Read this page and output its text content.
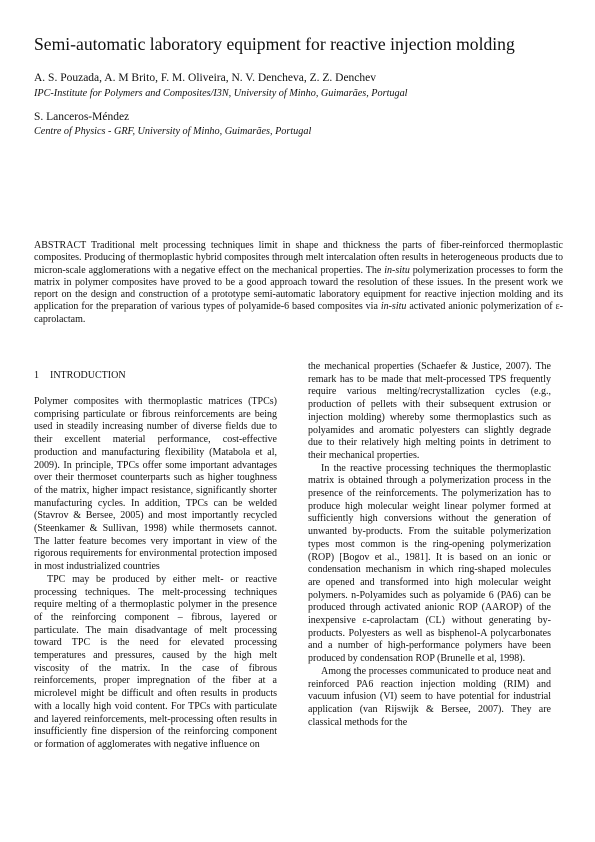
Semi-automatic laboratory equipment for reactive injection molding
A. S. Pouzada, A. M Brito, F. M. Oliveira, N. V. Dencheva, Z. Z. Denchev
IPC-Institute for Polymers and Composites/I3N, University of Minho, Guimarães, Portugal
S. Lanceros-Méndez
Centre of Physics - GRF, University of Minho, Guimarães, Portugal
ABSTRACT Traditional melt processing techniques limit in shape and thickness the parts of fiber-reinforced thermoplastic composites. Producing of thermoplastic hybrid composites through melt intercalation often results in heterogeneous products due to micron-scale agglomerations with a negative effect on the mechanical properties. The in-situ polymerization processes to form the matrix in polymer composites have proved to be a good approach toward the resolution of these issues. In the present work we report on the design and construction of a prototype semi-automatic laboratory equipment for reactive injection molding and its application for the preparation of various types of polyamide-6 based composites via in-situ activated anionic polymerization of ε-caprolactam.
1 INTRODUCTION

Polymer composites with thermoplastic matrices (TPCs) comprising particulate or fibrous reinforcements are being used in steadily increasing number of diverse fields due to their excellent material performance, cost-effective production and manufacturing flexibility (Matabola et al, 2009). In principle, TPCs offer some important advantages over their thermoset counterparts such as higher toughness of the matrix, higher impact resistance, significantly shorter manufacturing cycles. In addition, TPCs can be welded (Stavrov & Bersee, 2005) and most importantly recycled (Steenkamer & Sullivan, 1998) while thermosets cannot. The latter feature becomes very important in view of the rigorous requirements for environmental protection imposed in most industrialized countries

TPC may be produced by either melt- or reactive processing techniques. The melt-processing techniques require melting of a thermoplastic polymer in the presence of the reinforcing component – fibrous, layered or particulate. The main disadvantage of melt processing toward TPC is the need for elevated processing temperatures and pressures, caused by the high melt viscosity of the matrix. In the case of fibrous reinforcements, proper impregnation of the fiber at a microlevel might be difficult and often results in products with a locally high void content. For TPCs with particulate and layered reinforcements, melt-processing often results in insufficiently fine dispersion of the reinforcing component or formation of agglomerates with negative influence on

the mechanical properties (Schaefer & Justice, 2007). The remark has to be made that melt-processed TPS frequently require various melting/recrystallization cycles (e.g., production of pellets with their subsequent extrusion or injection molding) whereby some thermoplastics such as polyamides and aromatic polyesters can slightly degrade due to their relatively high melting points in detriment to their mechanical properties.

In the reactive processing techniques the thermoplastic matrix is obtained through a polymerization process in the presence of the reinforcements. The polymerization has to produce high molecular weight linear polymer formed at sufficiently high conversions without the generation of unwanted by-products. From the suitable polymerization types most common is the ring-opening polymerization (ROP) [Bogov et al., 1981]. It is based on an ionic or condensation mechanism in which ring-shaped molecules are opened and transformed into high molecular weight polymers. n-Polyamides such as polyamide 6 (PA6) can be produced through activated anionic ROP (AAROP) of the inexpensive ε-caprolactam (CL) without generating by-products. Polyesters as well as bisphenol-A polycarbonates and a number of high-performance polymers have been produced by condensation ROP (Brunelle et al, 1998).

Among the processes communicated to produce neat and reinforced PA6 reaction injection molding (RIM) and vacuum infusion (VI) seem to have potential for industrial application (van Rijswijk & Bersee, 2007). They are classical methods for the
